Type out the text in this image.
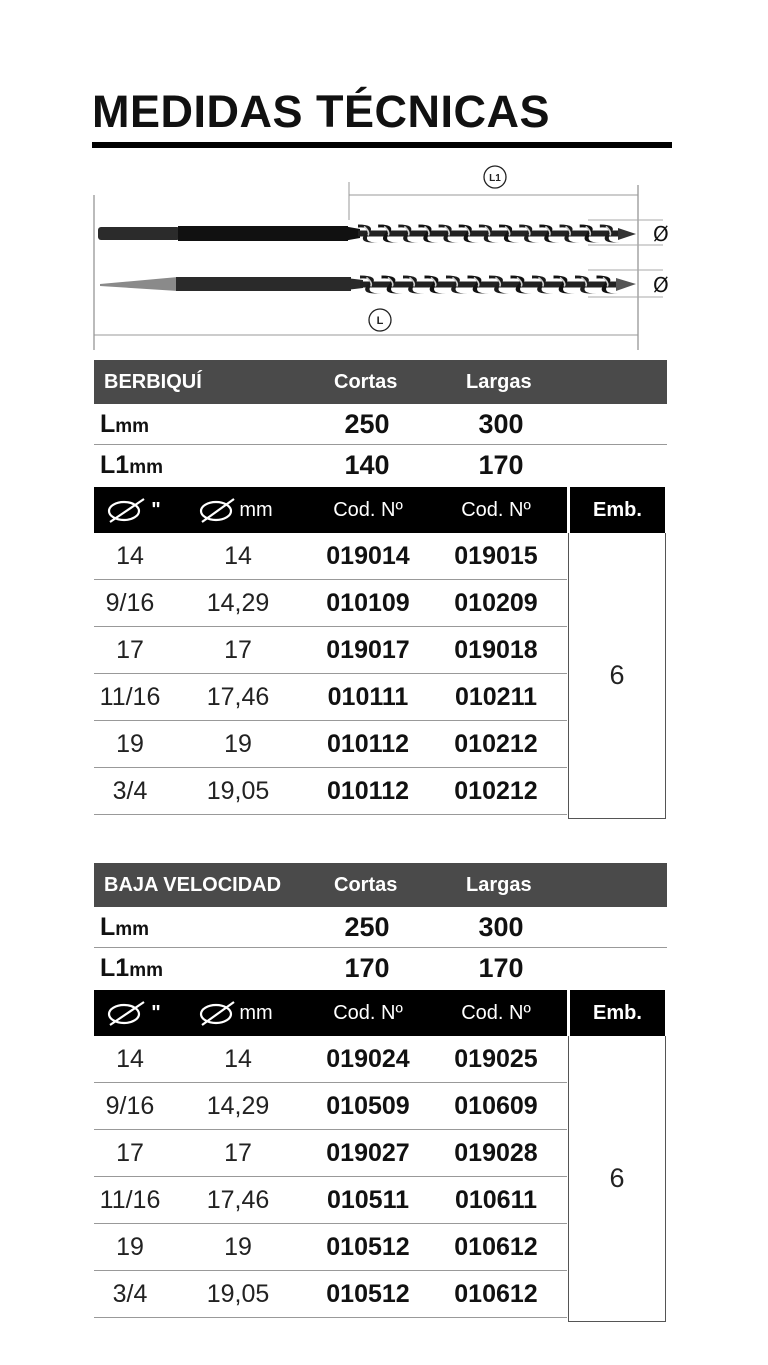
MEDIDAS TÉCNICAS
L1
L
Ø
Ø
BERBIQUÍ	Cortas	Largas
Lmm	250	300
L1mm	140	170
"	mm	Cod. Nº	Cod. Nº	Emb.
14	14	019014	019015
9/16	14,29	010109	010209
17	17	019017	019018
11/16	17,46	010111	010211
19	19	010112	010212
3/4	19,05	010112	010212
6
BAJA VELOCIDAD	Cortas	Largas
Lmm	250	300
L1mm	170	170
"	mm	Cod. Nº	Cod. Nº	Emb.
14	14	019024	019025
9/16	14,29	010509	010609
17	17	019027	019028
11/16	17,46	010511	010611
19	19	010512	010612
3/4	19,05	010512	010612
6
